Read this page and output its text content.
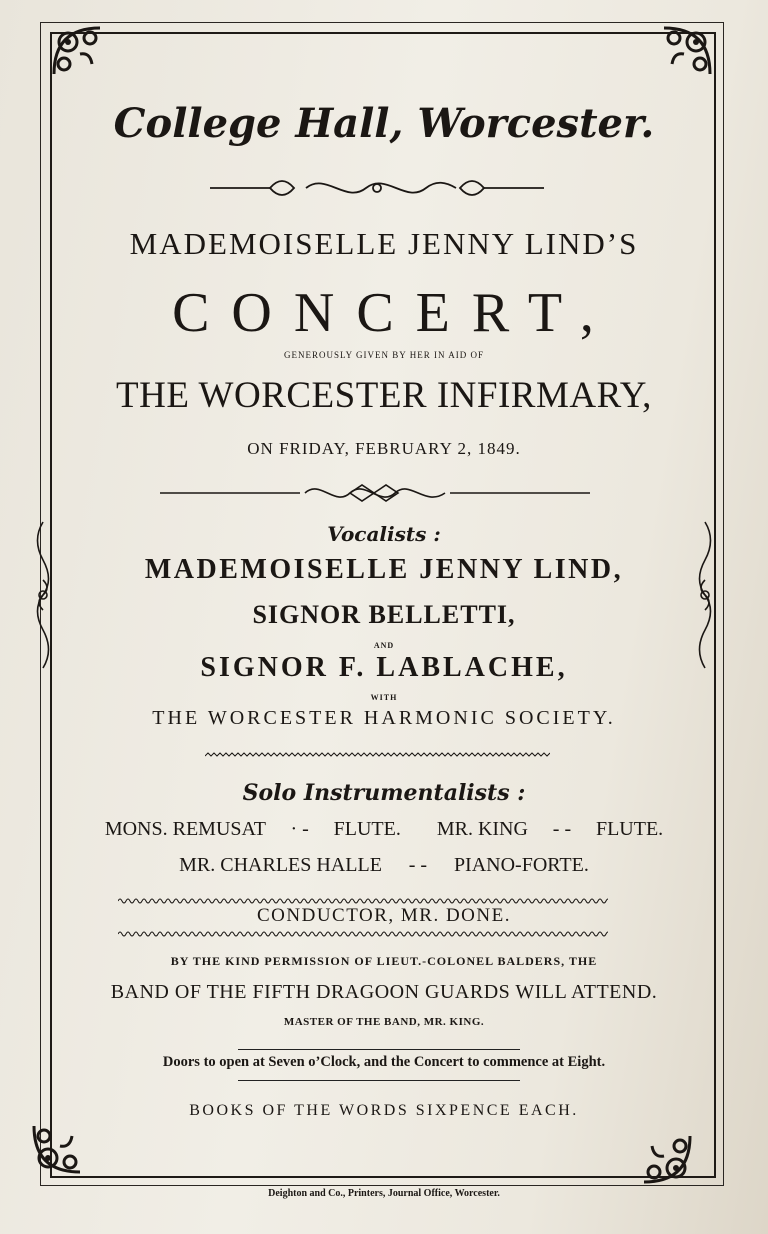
College Hall, Worcester.
MADEMOISELLE JENNY LIND’S
CONCERT,
GENEROUSLY GIVEN BY HER IN AID OF
THE WORCESTER INFIRMARY,
ON FRIDAY, FEBRUARY 2, 1849.
Vocalists :
MADEMOISELLE JENNY LIND,
SIGNOR BELLETTI,
AND
SIGNOR F. LABLACHE,
WITH
THE WORCESTER HARMONIC SOCIETY.
Solo Instrumentalists :
MONS. REMUSAT · - FLUTE. MR. KING - - FLUTE.
MR. CHARLES HALLE - - PIANO-FORTE.
CONDUCTOR, MR. DONE.
BY THE KIND PERMISSION OF LIEUT.-COLONEL BALDERS, THE
BAND OF THE FIFTH DRAGOON GUARDS WILL ATTEND.
MASTER OF THE BAND, MR. KING.
Doors to open at Seven o’Clock, and the Concert to commence at Eight.
BOOKS OF THE WORDS SIXPENCE EACH.
Deighton and Co., Printers, Journal Office, Worcester.
